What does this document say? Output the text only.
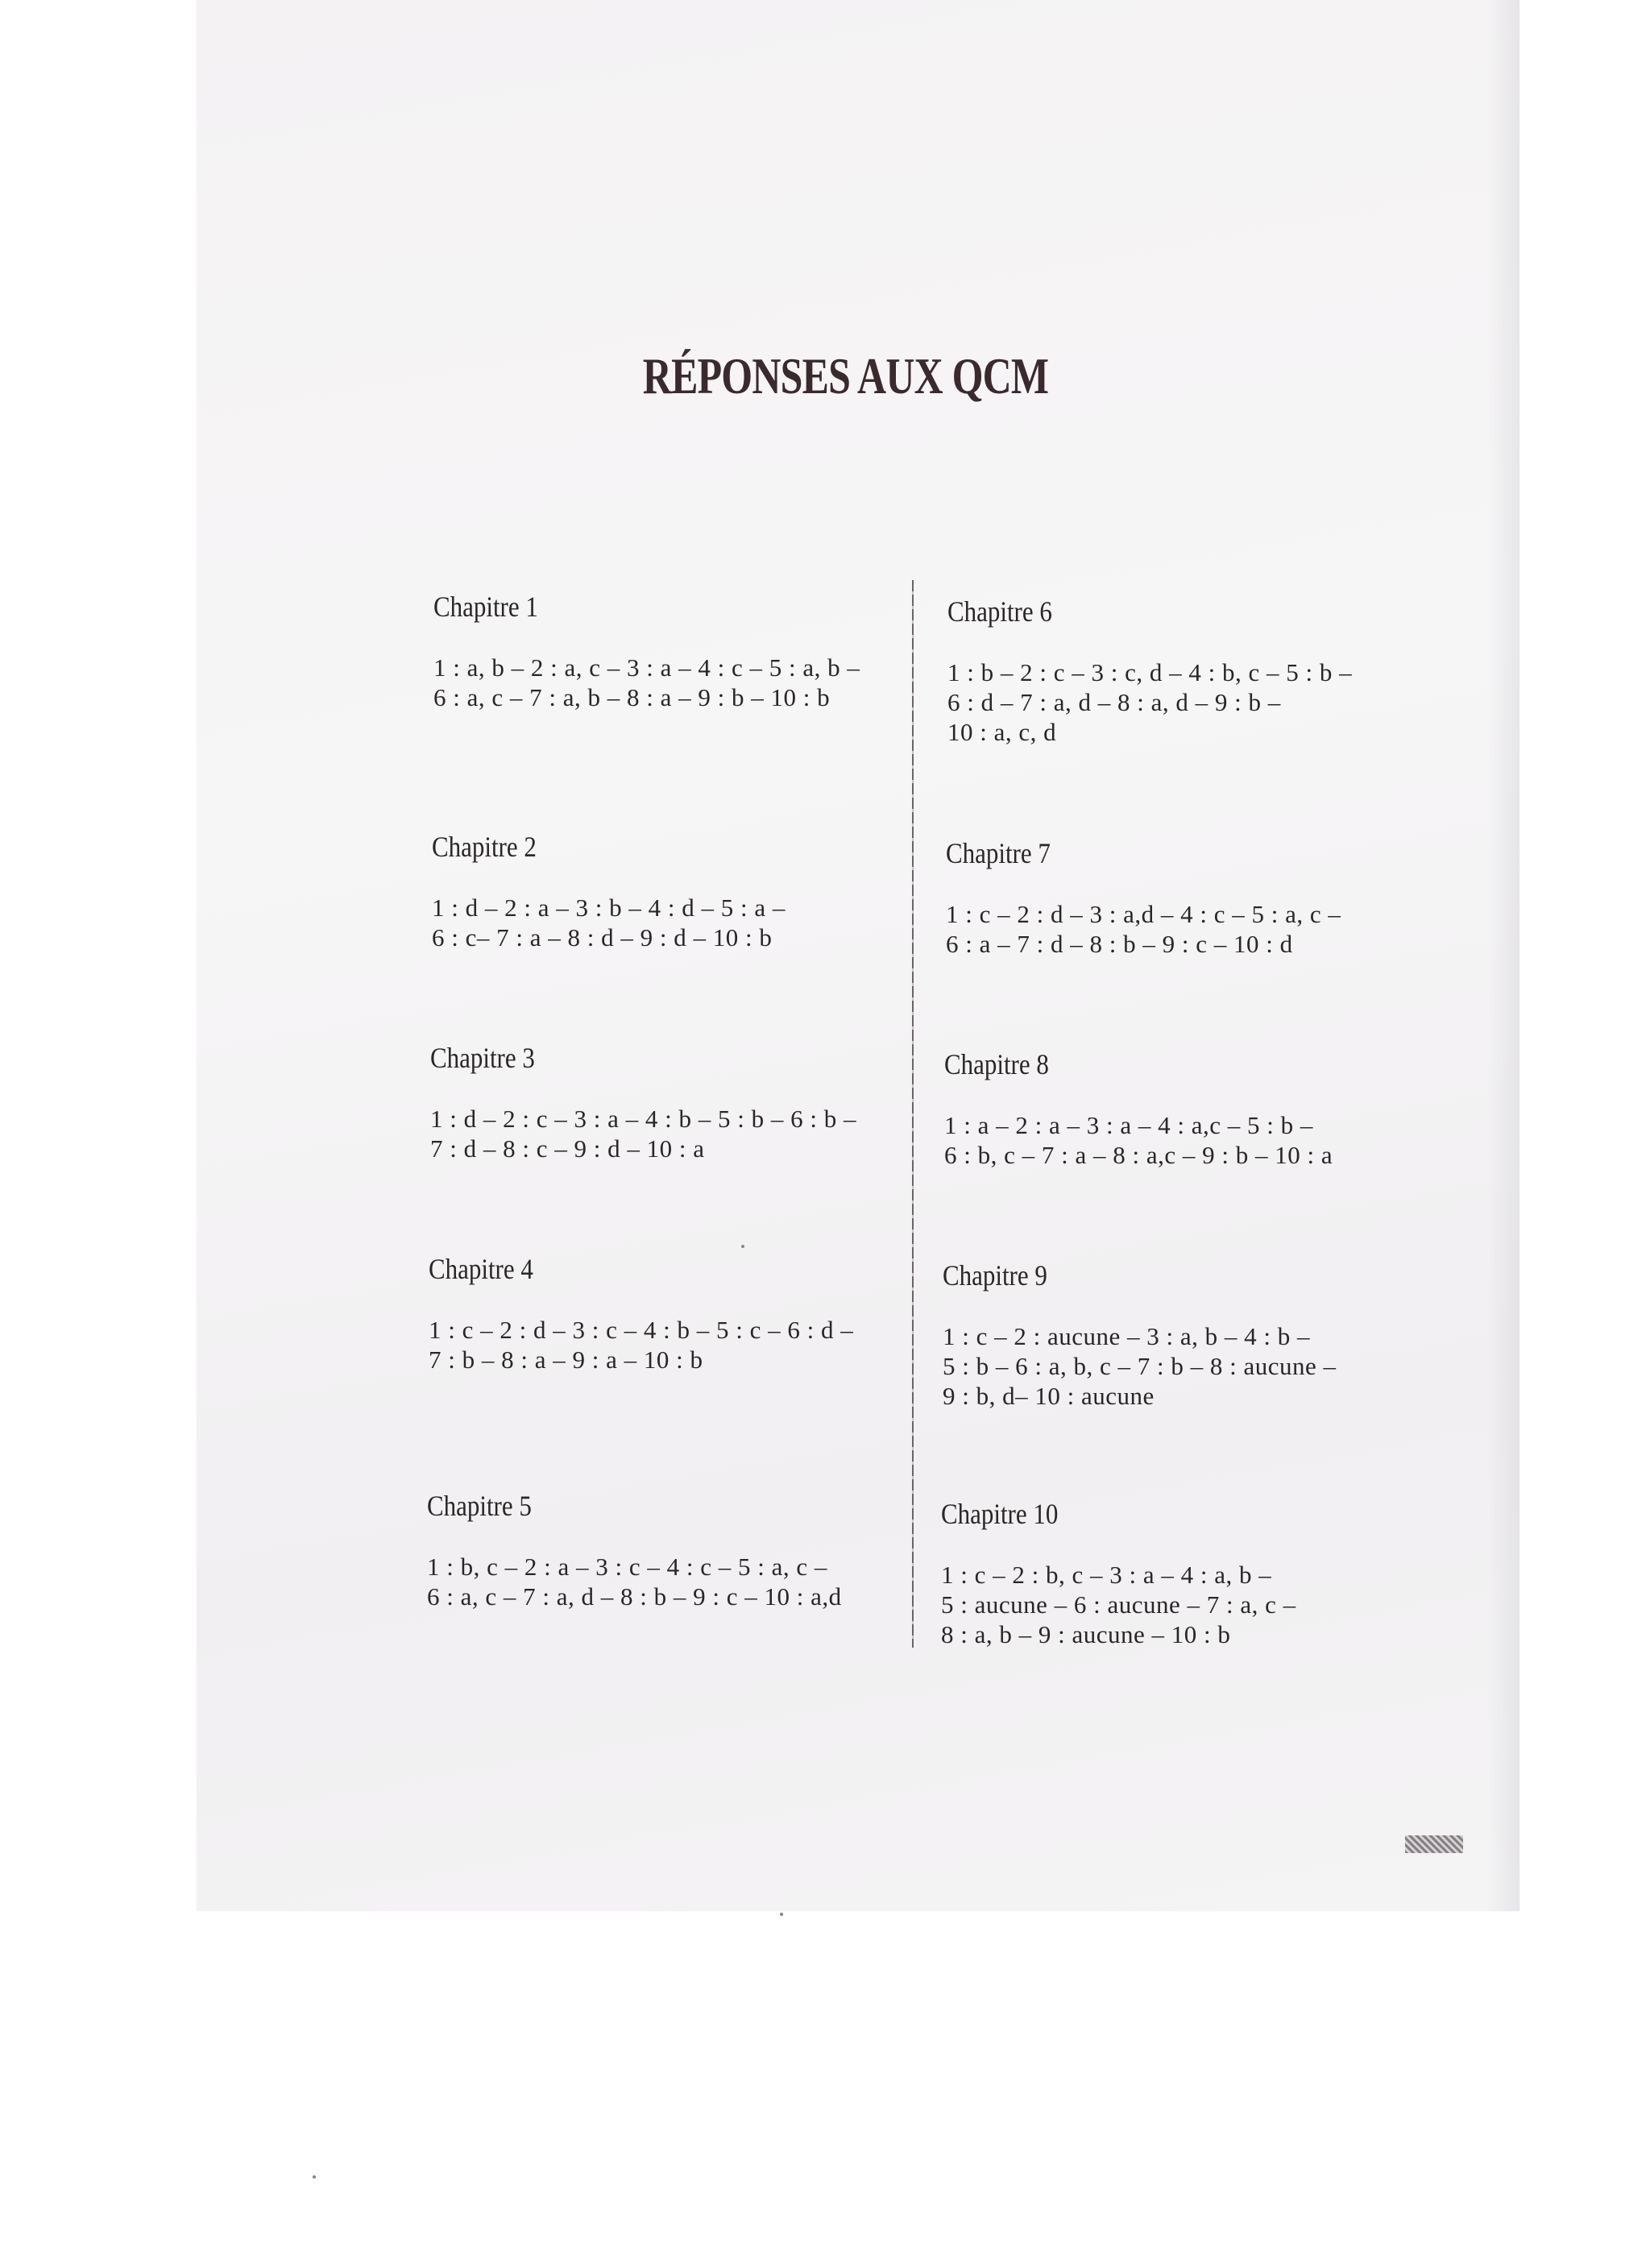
RÉPONSES AUX QCM
Chapitre 1

1 : a, b – 2 : a, c – 3 : a – 4 : c – 5 : a, b –

6 : a, c – 7 : a, b – 8 : a – 9 : b – 10 : b

Chapitre 2

1 : d – 2 : a – 3 : b – 4 : d – 5 : a –

6 : c– 7 : a – 8 : d – 9 : d – 10 : b

Chapitre 3

1 : d – 2 : c – 3 : a – 4 : b – 5 : b – 6 : b –

7 : d – 8 : c – 9 : d – 10 : a

Chapitre 4

1 : c – 2 : d – 3 : c – 4 : b – 5 : c – 6 : d –

7 : b – 8 : a – 9 : a – 10 : b

Chapitre 5

1 : b, c – 2 : a – 3 : c – 4 : c – 5 : a, c –

6 : a, c – 7 : a, d – 8 : b – 9 : c – 10 : a,d

Chapitre 6

1 : b – 2 : c – 3 : c, d – 4 : b, c – 5 : b –

6 : d – 7 : a, d – 8 : a, d – 9 : b –

10 : a, c, d

Chapitre 7

1 : c – 2 : d – 3 : a,d – 4 : c – 5 : a, c –

6 : a – 7 : d – 8 : b – 9 : c – 10 : d

Chapitre 8

1 : a – 2 : a – 3 : a – 4 : a,c – 5 : b –

6 : b, c – 7 : a – 8 : a,c – 9 : b – 10 : a

Chapitre 9

1 : c – 2 : aucune – 3 : a, b – 4 : b –

5 : b – 6 : a, b, c – 7 : b – 8 : aucune –

9 : b, d– 10 : aucune

Chapitre 10

1 : c – 2 : b, c – 3 : a – 4 : a, b –

5 : aucune – 6 : aucune – 7 : a, c –

8 : a, b – 9 : aucune – 10 : b
